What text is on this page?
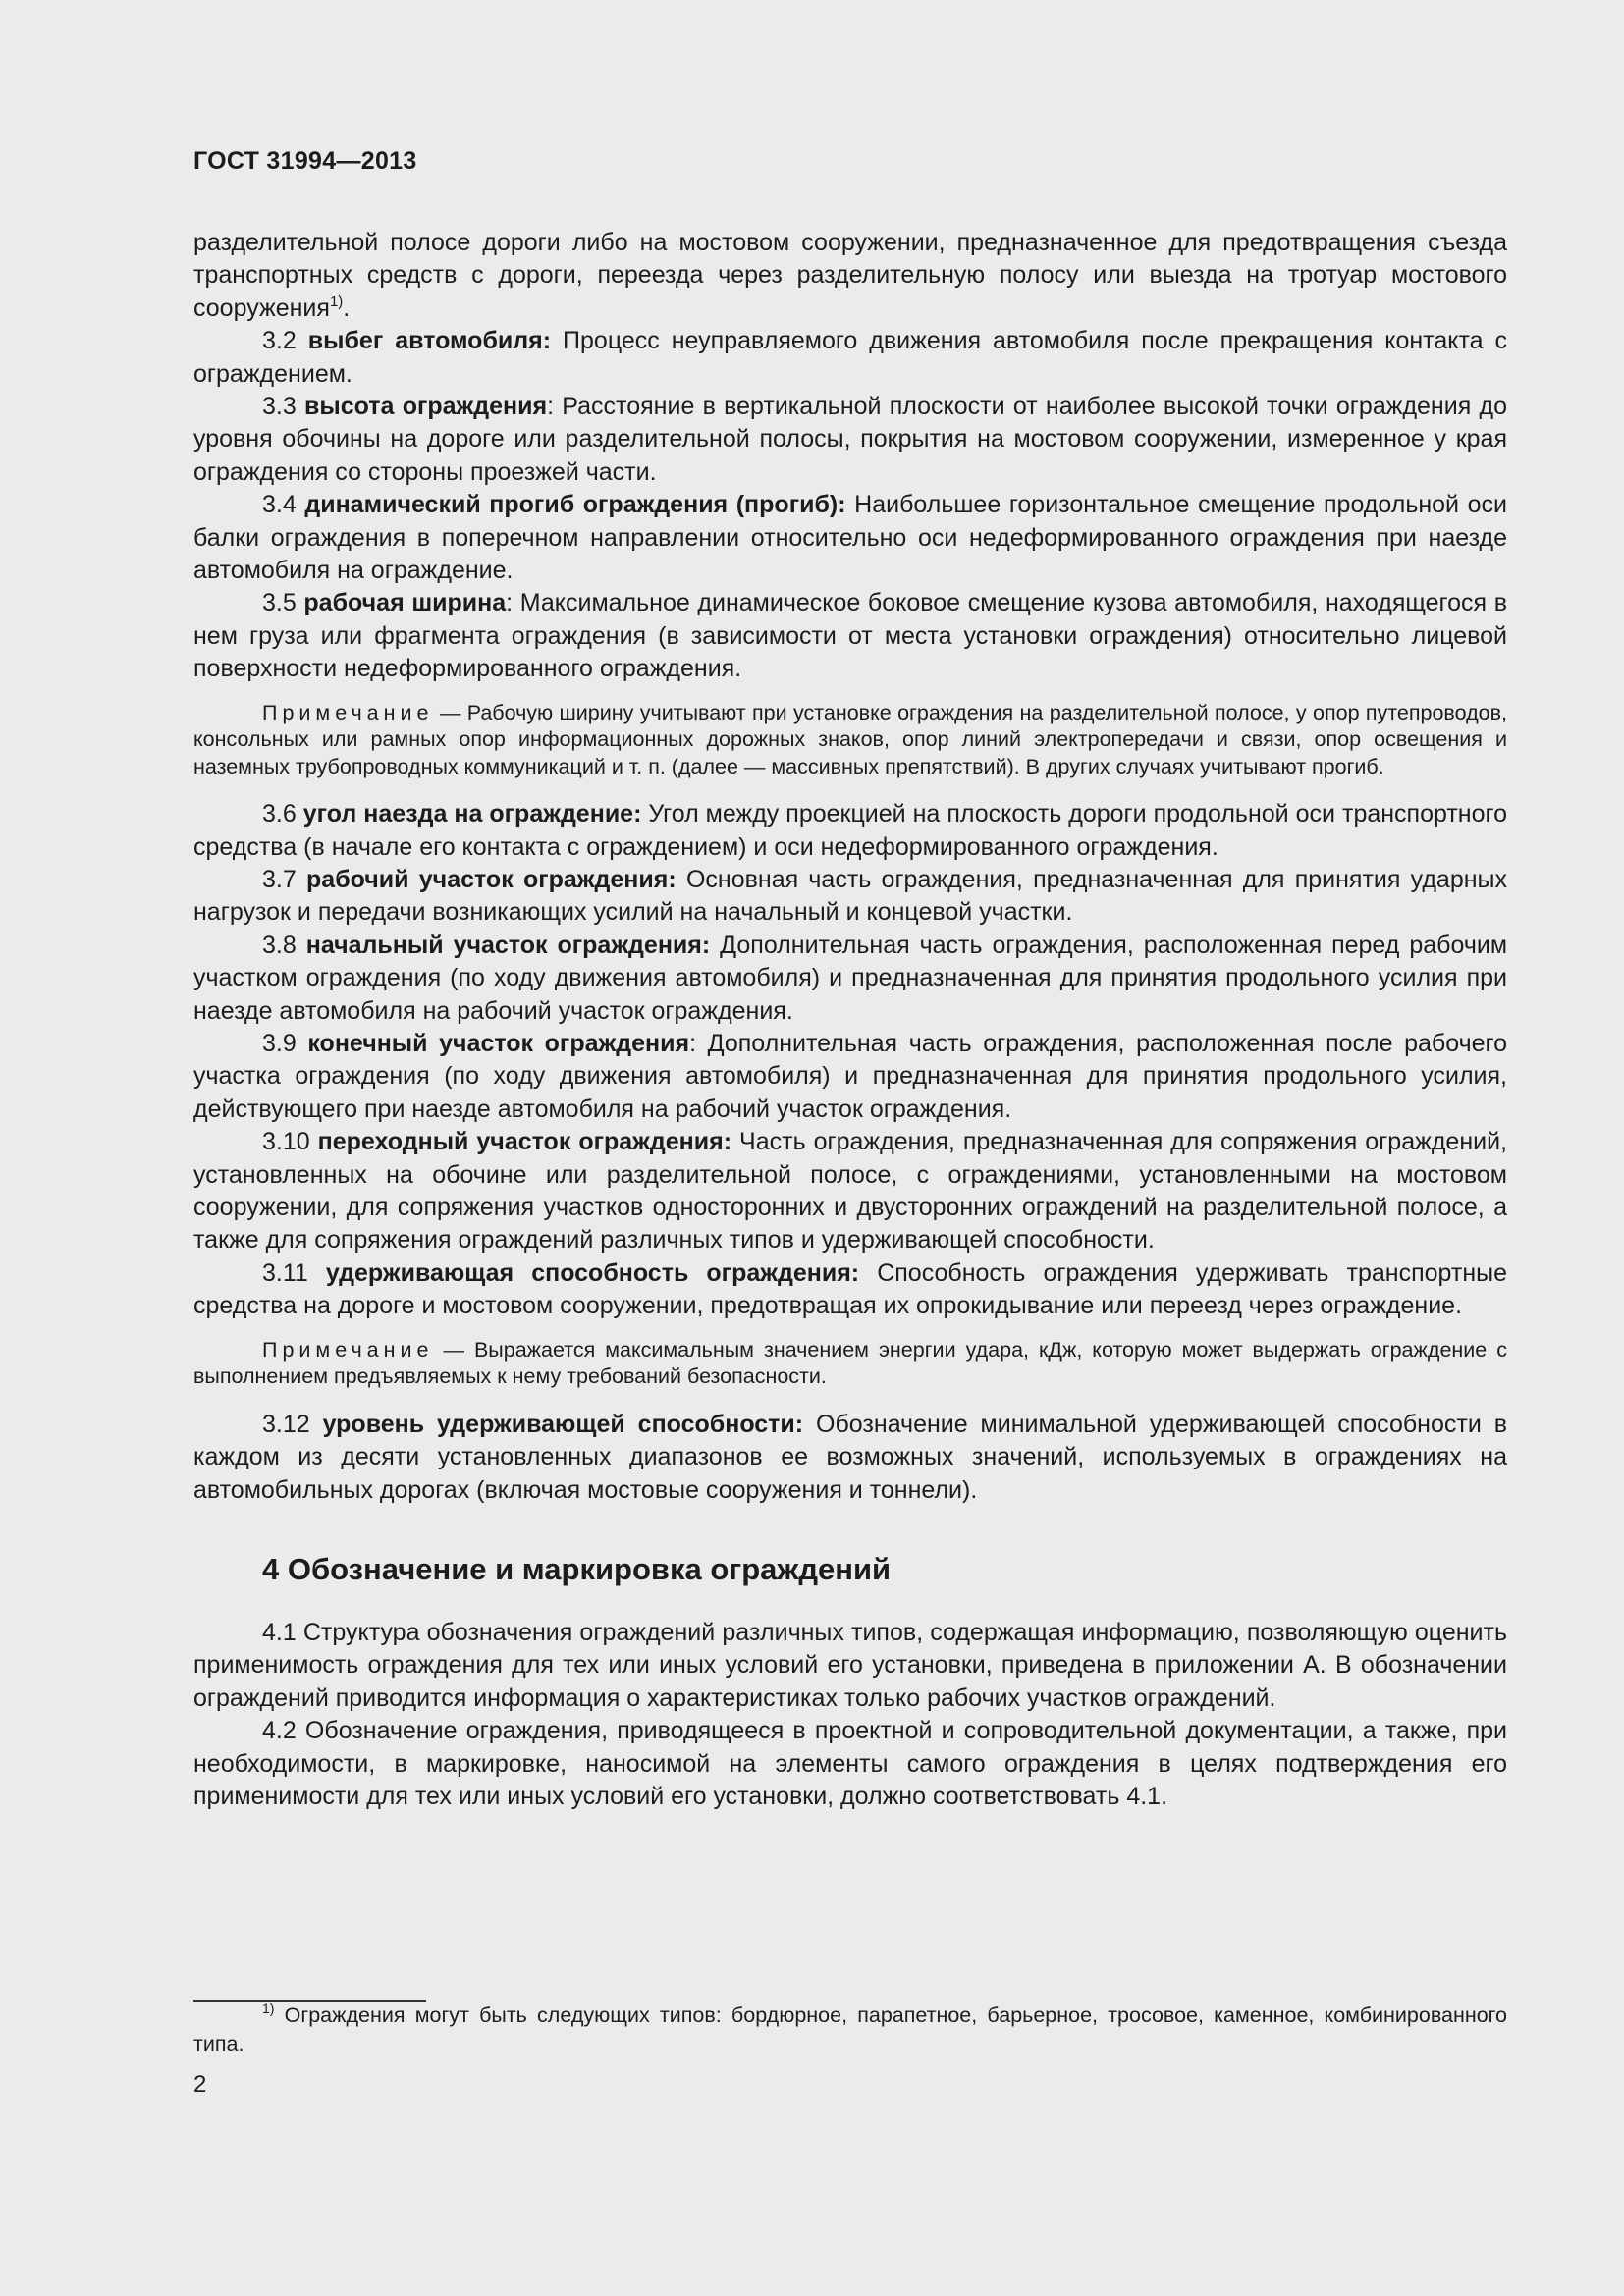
ГОСТ 31994—2013

разделительной полосе дороги либо на мостовом сооружении, предназначенное для предотвращения съезда транспортных средств с дороги, переезда через разделительную полосу или выезда на тротуар мостового сооружения$^{1)}$.

3.2 выбег автомобиля: Процесс неуправляемого движения автомобиля после прекращения контакта с ограждением.

3.3 высота ограждения: Расстояние в вертикальной плоскости от наиболее высокой точки ограждения до уровня обочины на дороге или разделительной полосы, покрытия на мостовом сооружении, измеренное у края ограждения со стороны проезжей части.

3.4 динамический прогиб ограждения (прогиб): Наибольшее горизонтальное смещение продольной оси балки ограждения в поперечном направлении относительно оси недеформированного ограждения при наезде автомобиля на ограждение.

3.5 рабочая ширина: Максимальное динамическое боковое смещение кузова автомобиля, находящегося в нем груза или фрагмента ограждения (в зависимости от места установки ограждения) относительно лицевой поверхности недеформированного ограждения.

Примечание — Рабочую ширину учитывают при установке ограждения на разделительной полосе, у опор путепроводов, консольных или рамных опор информационных дорожных знаков, опор линий электропередачи и связи, опор освещения и наземных трубопроводных коммуникаций и т. п. (далее — массивных препятствий). В других случаях учитывают прогиб.

3.6 угол наезда на ограждение: Угол между проекцией на плоскость дороги продольной оси транспортного средства (в начале его контакта с ограждением) и оси недеформированного ограждения.

3.7 рабочий участок ограждения: Основная часть ограждения, предназначенная для принятия ударных нагрузок и передачи возникающих усилий на начальный и концевой участки.

3.8 начальный участок ограждения: Дополнительная часть ограждения, расположенная перед рабочим участком ограждения (по ходу движения автомобиля) и предназначенная для принятия продольного усилия при наезде автомобиля на рабочий участок ограждения.

3.9 конечный участок ограждения: Дополнительная часть ограждения, расположенная после рабочего участка ограждения (по ходу движения автомобиля) и предназначенная для принятия продольного усилия, действующего при наезде автомобиля на рабочий участок ограждения.

3.10 переходный участок ограждения: Часть ограждения, предназначенная для сопряжения ограждений, установленных на обочине или разделительной полосе, с ограждениями, установленными на мостовом сооружении, для сопряжения участков односторонних и двусторонних ограждений на разделительной полосе, а также для сопряжения ограждений различных типов и удерживающей способности.

3.11 удерживающая способность ограждения: Способность ограждения удерживать транспортные средства на дороге и мостовом сооружении, предотвращая их опрокидывание или переезд через ограждение.

Примечание — Выражается максимальным значением энергии удара, кДж, которую может выдержать ограждение с выполнением предъявляемых к нему требований безопасности.

3.12 уровень удерживающей способности: Обозначение минимальной удерживающей способности в каждом из десяти установленных диапазонов ее возможных значений, используемых в ограждениях на автомобильных дорогах (включая мостовые сооружения и тоннели).

4 Обозначение и маркировка ограждений

4.1 Структура обозначения ограждений различных типов, содержащая информацию, позволяющую оценить применимость ограждения для тех или иных условий его установки, приведена в приложении А. В обозначении ограждений приводится информация о характеристиках только рабочих участков ограждений.

4.2 Обозначение ограждения, приводящееся в проектной и сопроводительной документации, а также, при необходимости, в маркировке, наносимой на элементы самого ограждения в целях подтверждения его применимости для тех или иных условий его установки, должно соответствовать 4.1.

$^{1)}$ Ограждения могут быть следующих типов: бордюрное, парапетное, барьерное, тросовое, каменное, комбинированного типа.
2
